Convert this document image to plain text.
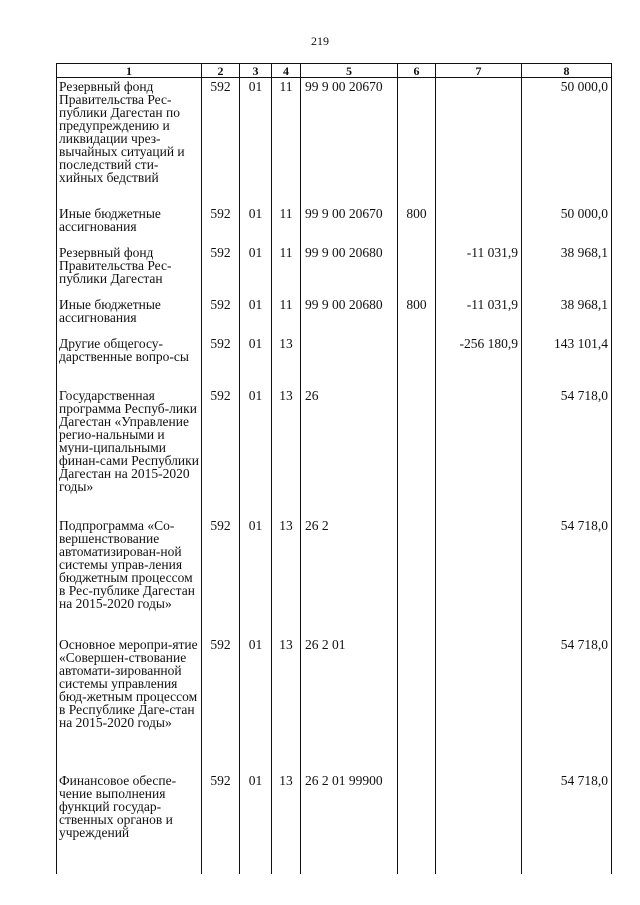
219
1	2	3	4	5	6	7	8
Резервный фонд Правительства Рес-публики Дагестан по предупреждению и ликвидации чрез-вычайных ситуаций и последствий сти-хийных бедствий	592	01	11	99 9 00 20670			50 000,0
Иные бюджетные ассигнования	592	01	11	99 9 00 20670	800		50 000,0
Резервный фонд Правительства Рес-публики Дагестан	592	01	11	99 9 00 20680		-11 031,9	38 968,1
Иные бюджетные ассигнования	592	01	11	99 9 00 20680	800	-11 031,9	38 968,1
Другие общегосу-дарственные вопро-сы	592	01	13			-256 180,9	143 101,4
Государственная программа Респуб-лики Дагестан «Управление регио-нальными и муни-ципальными финан-сами Республики Дагестан на 2015-2020 годы»	592	01	13	26			54 718,0
Подпрограмма «Со-вершенствование автоматизирован-ной системы управ-ления бюджетным процессом в Рес-публике Дагестан на 2015-2020 годы»	592	01	13	26 2			54 718,0
Основное меропри-ятие «Совершен-ствование автомати-зированной системы управления бюд-жетным процессом в Республике Даге-стан на 2015-2020 годы»	592	01	13	26 2 01			54 718,0
Финансовое обеспе-чение выполнения функций государ-ственных органов и учреждений	592	01	13	26 2 01 99900			54 718,0
